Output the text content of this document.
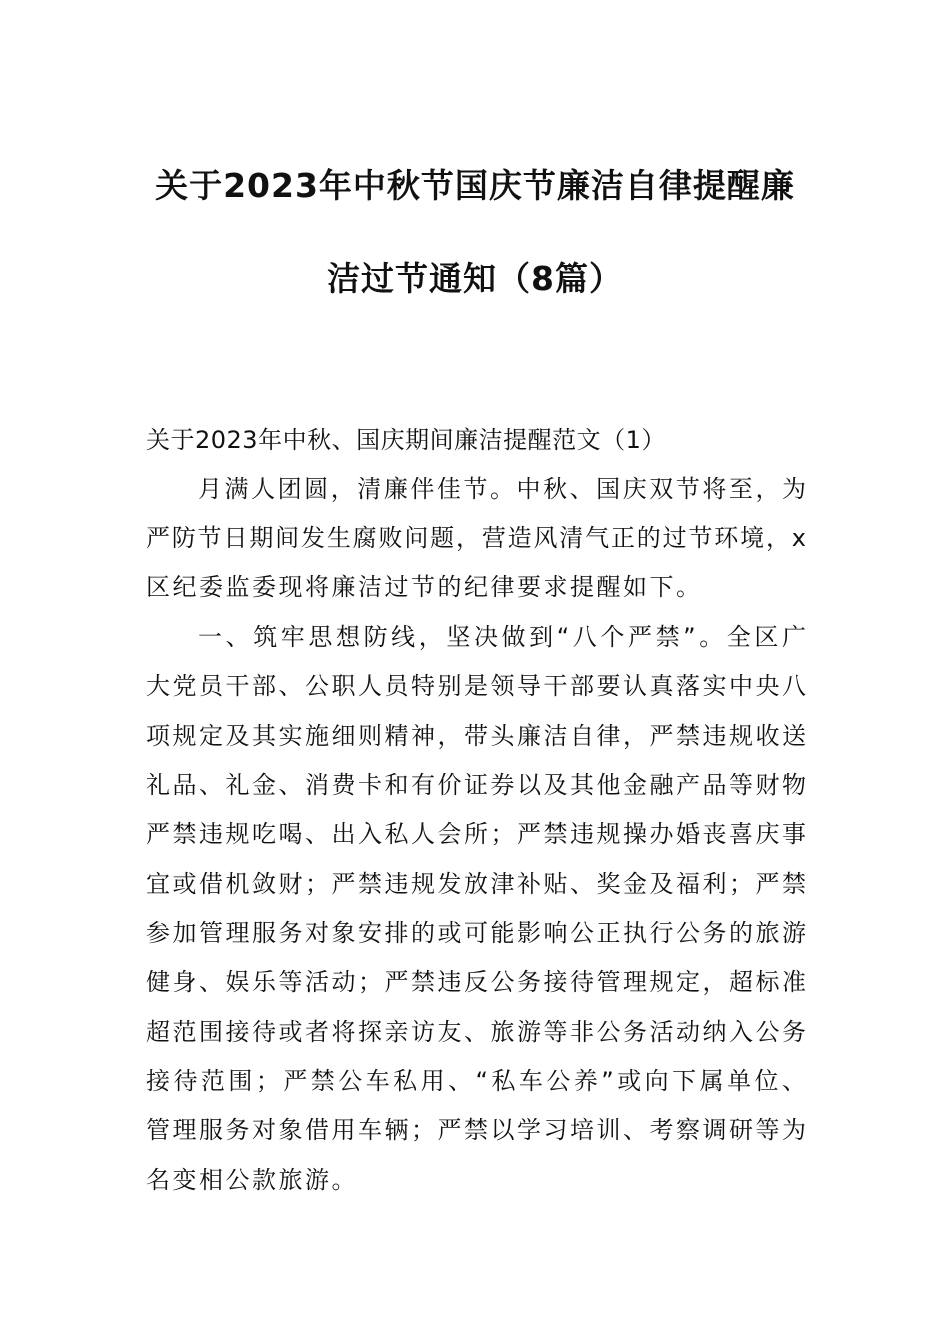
关于2023年中秋节国庆节廉洁自律提醒廉
洁过节通知（8篇）
关于2023年中秋、国庆期间廉洁提醒范文（1）
月满人团圆，清廉伴佳节。中秋、国庆双节将至，为
严防节日期间发生腐败问题，营造风清气正的过节环境，x
区纪委监委现将廉洁过节的纪律要求提醒如下。
一、筑牢思想防线，坚决做到“八个严禁”。全区广
大党员干部、公职人员特别是领导干部要认真落实中央八
项规定及其实施细则精神，带头廉洁自律，严禁违规收送
礼品、礼金、消费卡和有价证券以及其他金融产品等财物
严禁违规吃喝、出入私人会所；严禁违规操办婚丧喜庆事
宜或借机敛财；严禁违规发放津补贴、奖金及福利；严禁
参加管理服务对象安排的或可能影响公正执行公务的旅游
健身、娱乐等活动；严禁违反公务接待管理规定，超标准
超范围接待或者将探亲访友、旅游等非公务活动纳入公务
接待范围；严禁公车私用、“私车公养”或向下属单位、
管理服务对象借用车辆；严禁以学习培训、考察调研等为
名变相公款旅游。
